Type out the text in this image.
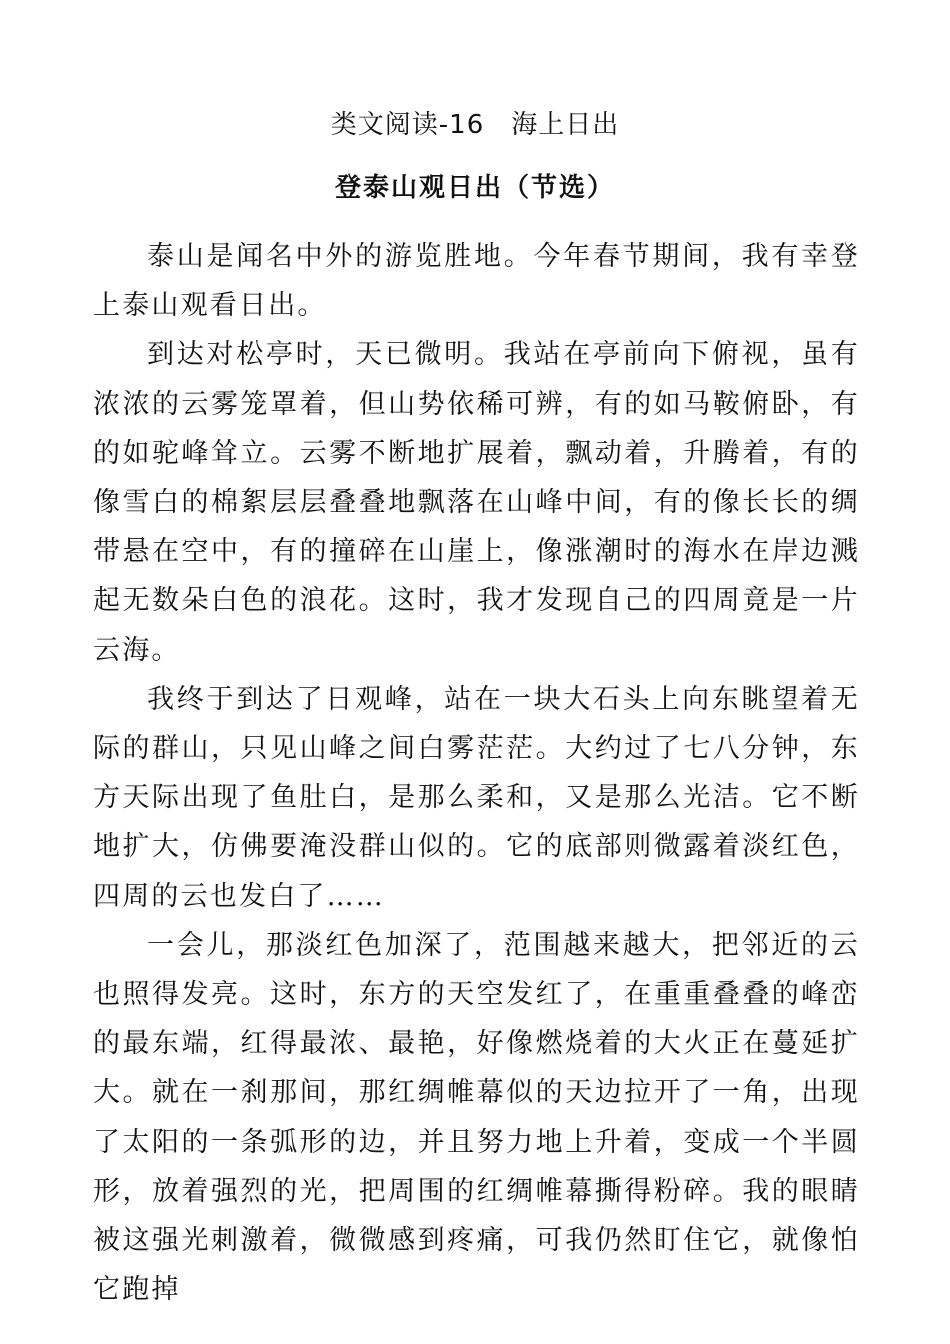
类文阅读-16　海上日出
登泰山观日出（节选）

泰山是闻名中外的游览胜地。今年春节期间，我有幸登上泰山观看日出。

到达对松亭时，天已微明。我站在亭前向下俯视，虽有浓浓的云雾笼罩着，但山势依稀可辨，有的如马鞍俯卧，有的如驼峰耸立。云雾不断地扩展着，飘动着，升腾着，有的像雪白的棉絮层层叠叠地飘落在山峰中间，有的像长长的绸带悬在空中，有的撞碎在山崖上，像涨潮时的海水在岸边溅起无数朵白色的浪花。这时，我才发现自己的四周竟是一片云海。

我终于到达了日观峰，站在一块大石头上向东眺望着无际的群山，只见山峰之间白雾茫茫。大约过了七八分钟，东方天际出现了鱼肚白，是那么柔和，又是那么光洁。它不断地扩大，仿佛要淹没群山似的。它的底部则微露着淡红色，四周的云也发白了……

一会儿，那淡红色加深了，范围越来越大，把邻近的云也照得发亮。这时，东方的天空发红了，在重重叠叠的峰峦的最东端，红得最浓、最艳，好像燃烧着的大火正在蔓延扩大。就在一刹那间，那红绸帷幕似的天边拉开了一角，出现了太阳的一条弧形的边，并且努力地上升着，变成一个半圆形，放着强烈的光，把周围的红绸帷幕撕得粉碎。我的眼睛被这强光刺激着，微微感到疼痛，可我仍然盯住它，就像怕它跑掉
